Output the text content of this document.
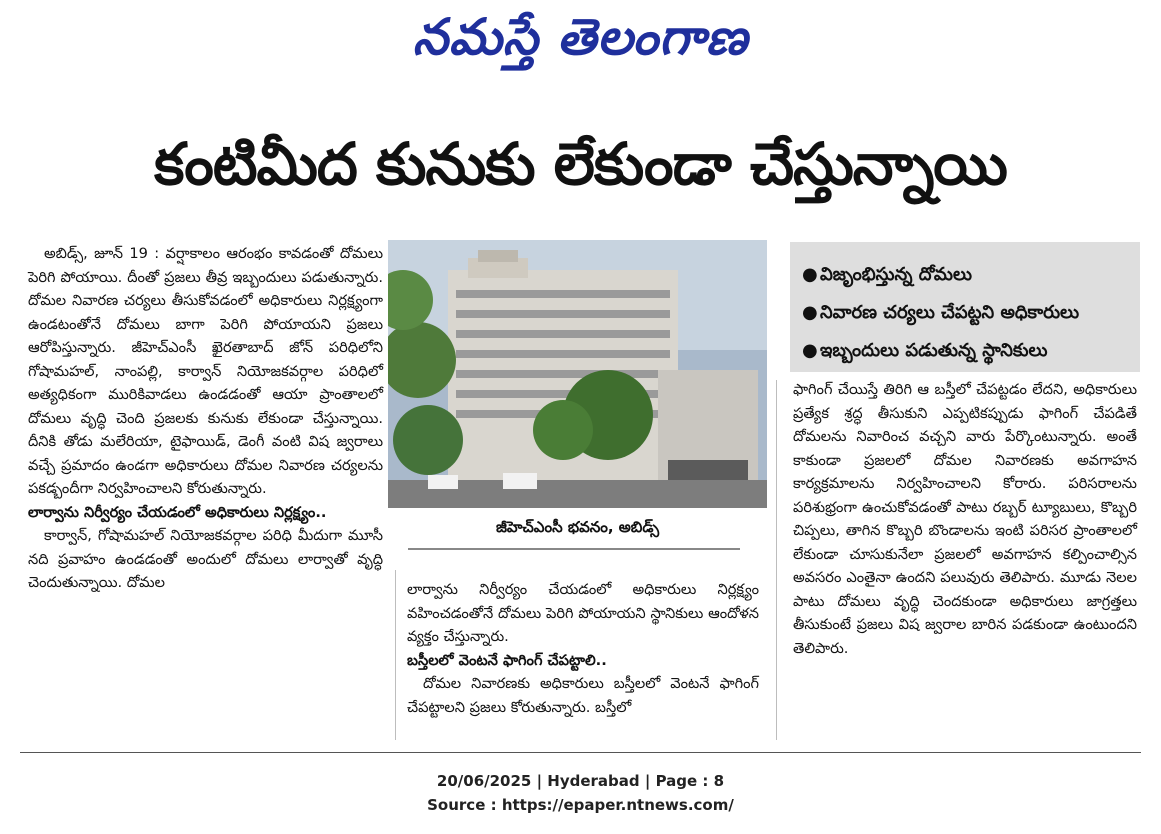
నమస్తే తెలంగాణ
కంటిమీద కునుకు లేకుండా చేస్తున్నాయి

అబిడ్స్, జూన్ 19 : వర్షాకాలం ఆరంభం కావడంతో దోమలు పెరిగి పోయాయి. దీంతో ప్రజలు తీవ్ర ఇబ్బందులు పడుతున్నారు. దోమల నివారణ చర్యలు తీసుకోవడంలో అధికారులు నిర్లక్ష్యంగా ఉండటంతోనే దోమలు బాగా పెరిగి పోయాయని ప్రజలు ఆరోపిస్తున్నారు. జీహెచ్ఎంసీ ఖైరతాబాద్ జోన్ పరిధిలోని గోషామహల్, నాంపల్లి, కార్వాన్ నియోజకవర్గాల పరిధిలో అత్యధికంగా మురికివాడలు ఉండడంతో ఆయా ప్రాంతాలలో దోమలు వృద్ధి చెంది ప్రజలకు కునుకు లేకుండా చేస్తున్నాయి. దీనికి తోడు మలేరియా, టైఫాయిడ్, డెంగీ వంటి విష జ్వరాలు వచ్చే ప్రమాదం ఉండగా అధికారులు దోమల నివారణ చర్యలను పకడ్బందీగా నిర్వహించాలని కోరుతున్నారు.

లార్వాను నిర్వీర్యం చేయడంలో అధికారులు నిర్లక్ష్యం..

కార్వాన్, గోషామహల్ నియోజకవర్గాల పరిధి మీదుగా మూసీ నది ప్రవాహం ఉండడంతో అందులో దోమలు లార్వాతో వృద్ధి చెందుతున్నాయి. దోమల

జీహెచ్ఎంసీ భవనం, అబిడ్స్

లార్వాను నిర్వీర్యం చేయడంలో అధికారులు నిర్లక్ష్యం వహించడంతోనే దోమలు పెరిగి పోయాయని స్థానికులు ఆందోళన వ్యక్తం చేస్తున్నారు.

బస్తీలలో వెంటనే ఫాగింగ్ చేపట్టాలి..

దోమల నివారణకు అధికారులు బస్తీలలో వెంటనే ఫాగింగ్ చేపట్టాలని ప్రజలు కోరుతున్నారు. బస్తీలో

● విజృంభిస్తున్న దోమలు
● నివారణ చర్యలు చేపట్టని అధికారులు
● ఇబ్బందులు పడుతున్న స్థానికులు

ఫాగింగ్ చేయిస్తే తిరిగి ఆ బస్తీలో చేపట్టడం లేదని, అధికారులు ప్రత్యేక శ్రద్ధ తీసుకుని ఎప్పటికప్పుడు ఫాగింగ్ చేపడితే దోమలను నివారించ వచ్చని వారు పేర్కొంటున్నారు. అంతే కాకుండా ప్రజలలో దోమల నివారణకు అవగాహన కార్యక్రమాలను నిర్వహించాలని కోరారు. పరిసరాలను పరిశుభ్రంగా ఉంచుకోవడంతో పాటు రబ్బర్ ట్యూబులు, కొబ్బరి చిప్పలు, తాగిన కొబ్బరి బొండాలను ఇంటి పరిసర ప్రాంతాలలో లేకుండా చూసుకునేలా ప్రజలలో అవగాహన కల్పించాల్సిన అవసరం ఎంతైనా ఉందని పలువురు తెలిపారు. మూడు నెలల పాటు దోమలు వృద్ధి చెందకుండా అధికారులు జాగ్రత్తలు తీసుకుంటే ప్రజలు విష జ్వరాల బారిన పడకుండా ఉంటుందని తెలిపారు.

20/06/2025 | Hyderabad | Page : 8
Source : https://epaper.ntnews.com/
